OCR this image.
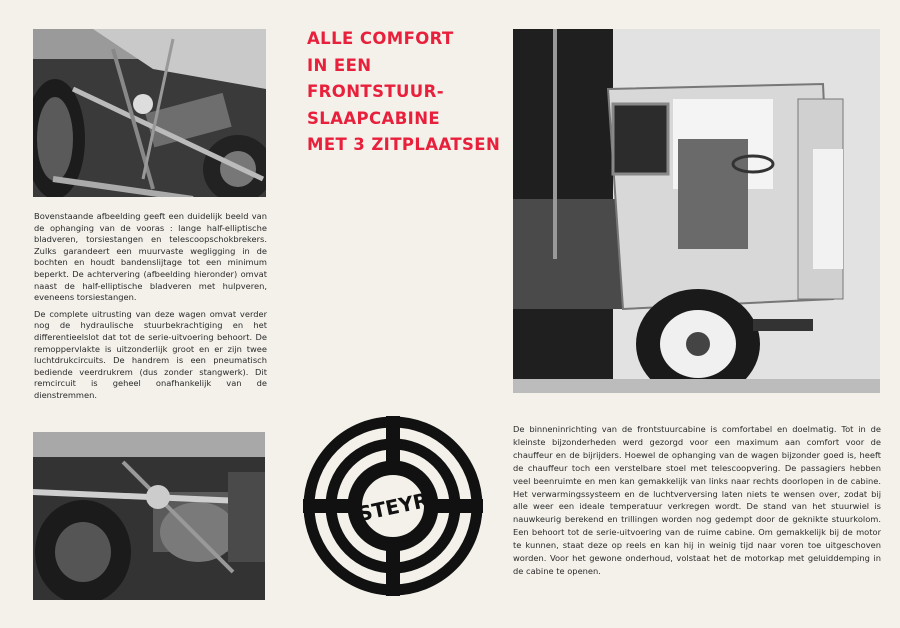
ALLE COMFORT
IN EEN
FRONTSTUUR-
SLAAPCABINE
MET 3 ZITPLAATSEN

Bovenstaande afbeelding geeft een duidelijk beeld van de ophanging van de vooras : lange half-elliptische bladveren, torsiestangen en telescoopschokbrekers. Zulks garandeert een muurvaste wegligging in de bochten en houdt bandenslijtage tot een minimum beperkt. De achtervering (afbeelding hieronder) omvat naast de half-elliptische bladveren met hulpveren, eveneens torsiestangen.

De complete uitrusting van deze wagen omvat verder nog de hydraulische stuurbekrachtiging en het differentieelslot dat tot de serie-uitvoering behoort. De remoppervlakte is uitzonderlijk groot en er zijn twee luchtdrukcircuits. De handrem is een pneumatisch bediende veerdrukrem (dus zonder stangwerk). Dit remcircuit is geheel onafhankelijk van de dienstremmen.

STEYR

De binneninrichting van de frontstuurcabine is comfortabel en doelmatig. Tot in de kleinste bijzonderheden werd gezorgd voor een maximum aan comfort voor de chauffeur en de bijrijders. Hoewel de ophanging van de wagen bijzonder goed is, heeft de chauffeur toch een verstelbare stoel met telescoopvering. De passagiers hebben veel beenruimte en men kan gemakkelijk van links naar rechts doorlopen in de cabine. Het verwarmingssysteem en de luchtverversing laten niets te wensen over, zodat bij alle weer een ideale temperatuur verkregen wordt. De stand van het stuurwiel is nauwkeurig berekend en trillingen worden nog gedempt door de geknikte stuurkolom. Een behoort tot de serie-uitvoering van de ruime cabine. Om gemakkelijk bij de motor te kunnen, staat deze op reels en kan hij in weinig tijd naar voren toe uitgeschoven worden. Voor het gewone onderhoud, volstaat het de motorkap met geluiddemping in de cabine te openen.
